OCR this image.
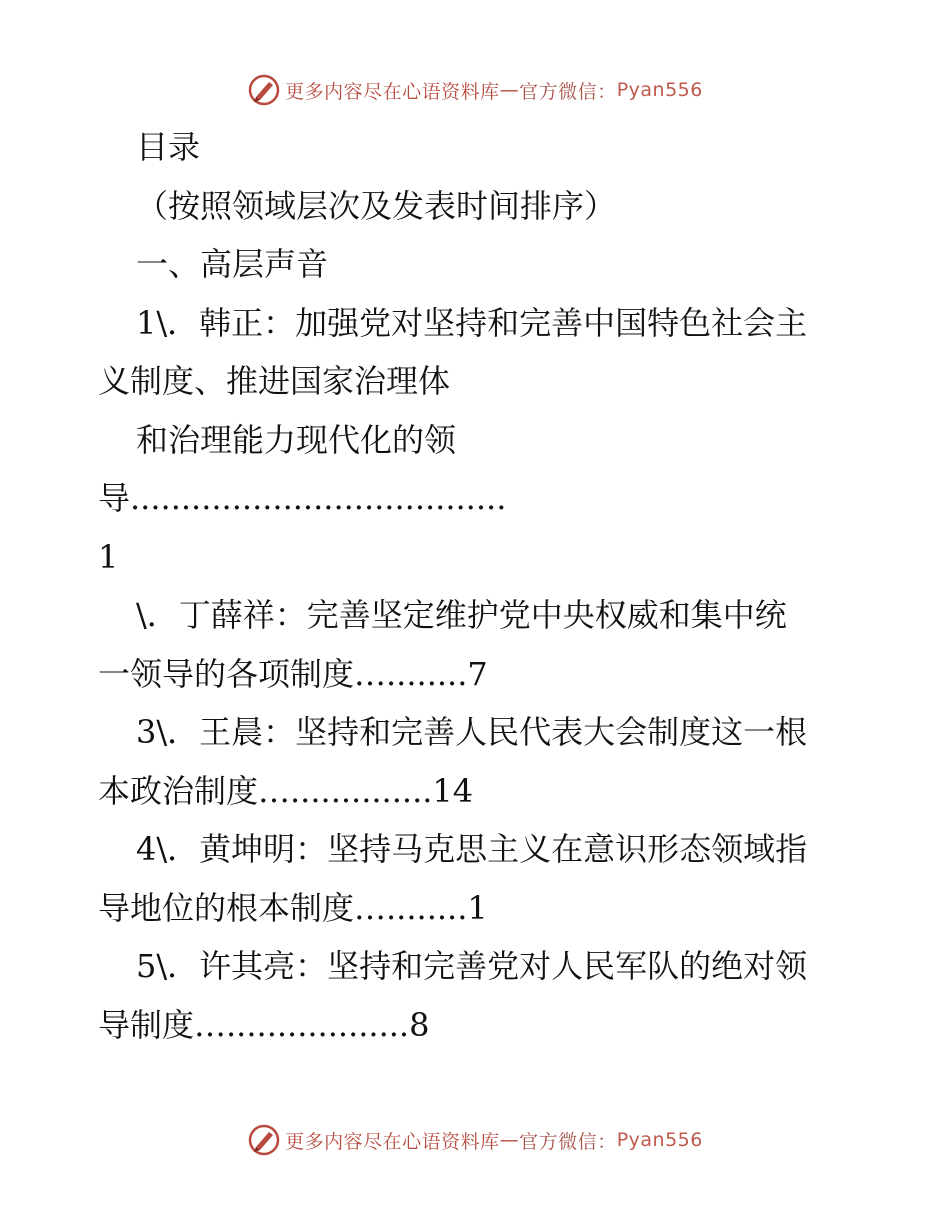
更多内容尽在心语资料库 — 官方微信： Pyan556
目录
（按照领域层次及发表时间排序）
一、高层声音
1\．韩正：加强党对坚持和完善中国特色社会主
义制度、推进国家治理体
和治理能力现代化的领
导.....................................
1
\．丁薛祥：完善坚定维护党中央权威和集中统
一领导的各项制度…........7
3\．王晨：坚持和完善人民代表大会制度这一根
本政治制度…..............14
4\．黄坤明：坚持马克思主义在意识形态领域指
导地位的根本制度…........1
5\．许其亮：坚持和完善党对人民军队的绝对领
导制度…..................8
更多内容尽在心语资料库 — 官方微信： Pyan556
